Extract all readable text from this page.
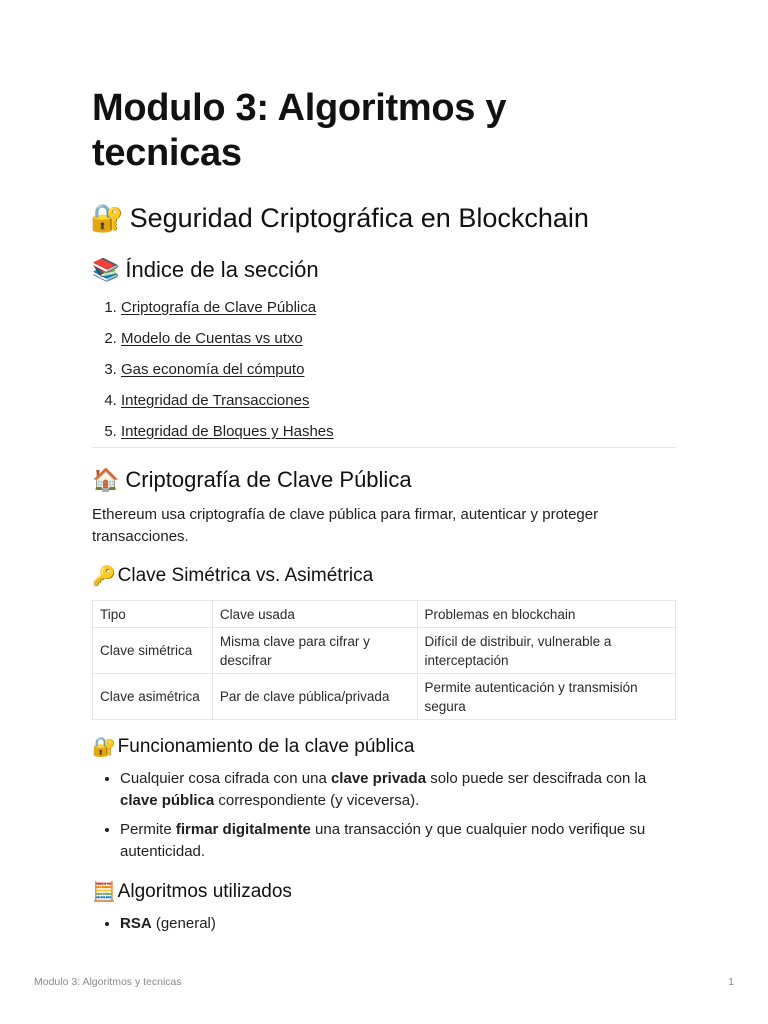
Modulo 3: Algoritmos y tecnicas
🔐 Seguridad Criptográfica en Blockchain
📚 Índice de la sección
1. Criptografía de Clave Pública
2. Modelo de Cuentas vs utxo
3. Gas economía del cómputo
4. Integridad de Transacciones
5. Integridad de Bloques y Hashes
🏠 Criptografía de Clave Pública

Ethereum usa criptografía de clave pública para firmar, autenticar y proteger transacciones.

🔑 Clave Simétrica vs. Asimétrica
Tipo	Clave usada	Problemas en blockchain
Clave simétrica	Misma clave para cifrar y descifrar	Difícil de distribuir, vulnerable a interceptación
Clave asimétrica	Par de clave pública/privada	Permite autenticación y transmisión segura
🔐 Funcionamiento de la clave pública
• Cualquier cosa cifrada con una clave privada solo puede ser descifrada con la clave pública correspondiente (y viceversa).
• Permite firmar digitalmente una transacción y que cualquier nodo verifique su autenticidad.
🧮 Algoritmos utilizados
• RSA (general)
Modulo 3: Algoritmos y tecnicas	1
